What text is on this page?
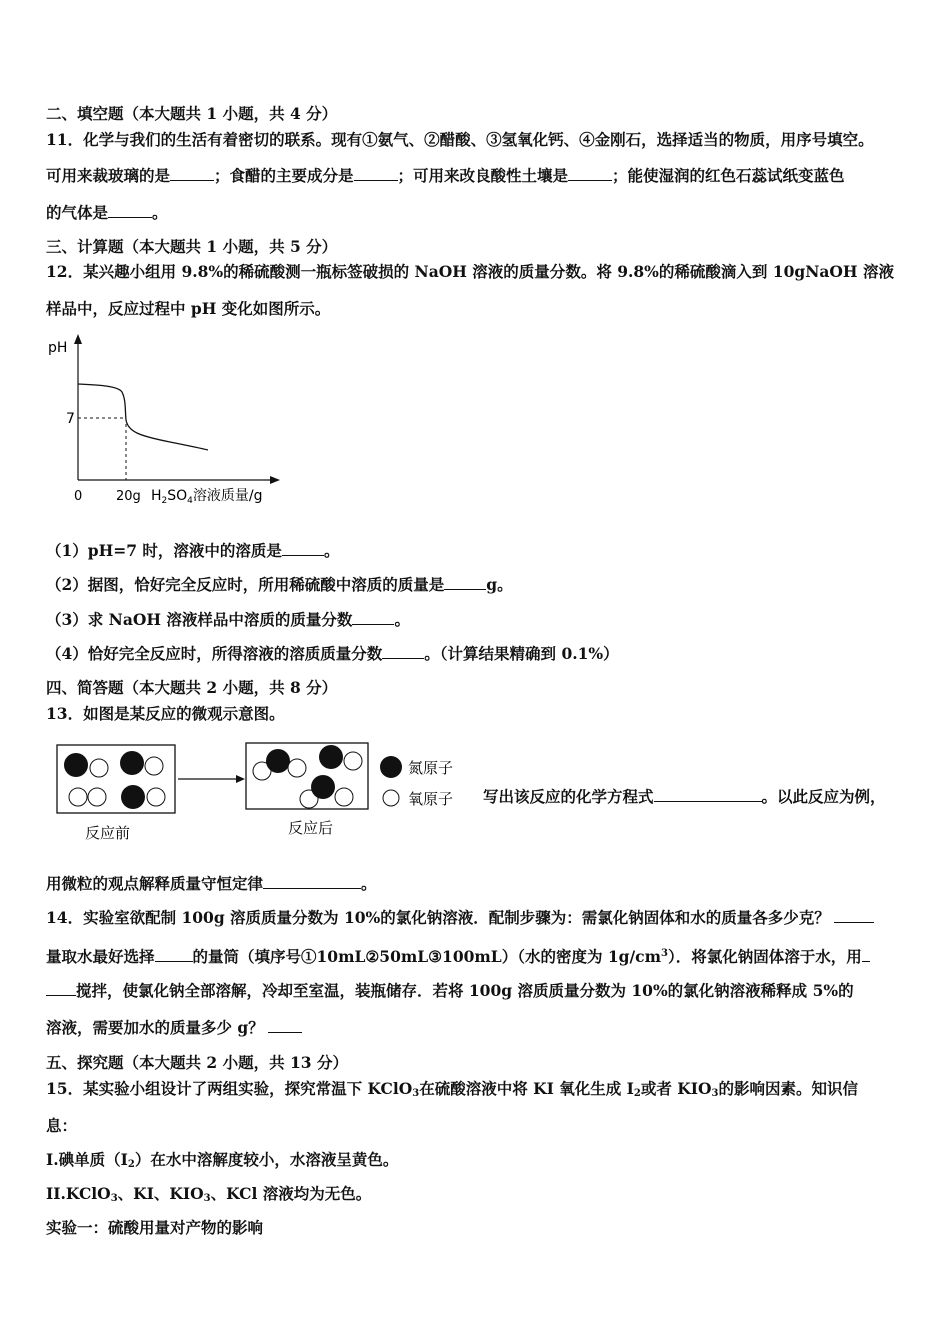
二、填空题（本大题共 1 小题，共 4 分）
11．化学与我们的生活有着密切的联系。现有①氨气、②醋酸、③氢氧化钙、④金刚石，选择适当的物质，用序号填空。
可用来裁玻璃的是	；食醋的主要成分是	；可用来改良酸性土壤是	；能使湿润的红色石蕊试纸变蓝色
的气体是	。
三、计算题（本大题共 1 小题，共 5 分）
12．某兴趣小组用 9.8%的稀硫酸测一瓶标签破损的 NaOH 溶液的质量分数。将 9.8%的稀硫酸滴入到 10gNaOH 溶液
样品中，反应过程中 pH 变化如图所示。
pH
7
0	20g $H_2SO_4$溶液质量/g
（1）pH=7 时，溶液中的溶质是	。
（2）据图，恰好完全反应时，所用稀硫酸中溶质的质量是	g。
（3）求 NaOH 溶液样品中溶质的质量分数	。
（4）恰好完全反应时，所得溶液的溶质质量分数	。（计算结果精确到 0.1%）
四、简答题（本大题共 2 小题，共 8 分）
13．如图是某反应的微观示意图。
反应前	反应后
氮原子
氧原子 写出该反应的化学方程式	。以此反应为例，
用微粒的观点解释质量守恒定律	。
14．实验室欲配制 100g 溶质质量分数为 10%的氯化钠溶液．配制步骤为：需氯化钠固体和水的质量各多少克？
量取水最好选择 的量筒（填序号①10mL②50mL③100mL）（水的密度为 $1g/cm^3$）．将氯化钠固体溶于水，用
搅拌，使氯化钠全部溶解，冷却至室温，装瓶储存．若将 100g 溶质质量分数为 10%的氯化钠溶液稀释成 5%的
溶液，需要加水的质量多少 g？
五、探究题（本大题共 2 小题，共 13 分）
15．某实验小组设计了两组实验，探究常温下 KClO$_3$在硫酸溶液中将 KI 氧化生成 $I_2$或者 $KIO_3$的影响因素。知识信
息：
I.碘单质$(I_2)$在水中溶解度较小，水溶液呈黄色。
II.KClO$_3$、KI、$KIO_3$、KCl 溶液均为无色。
实验一：硫酸用量对产物的影响
